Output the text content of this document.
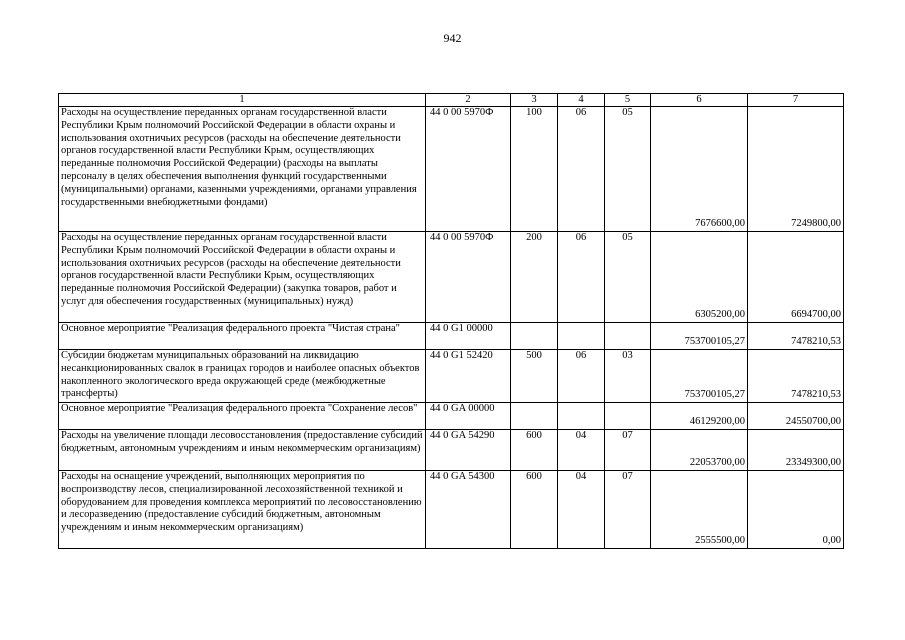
942
1	2	3	4	5	6	7
Расходы на осуществление переданных органам государственной власти Республики Крым полномочий Российской Федерации в области охраны и использования охотничьих ресурсов (расходы на обеспечение деятельности органов государственной власти Республики Крым, осуществляющих переданные полномочия Российской Федерации) (расходы на выплаты персоналу в целях обеспечения выполнения функций государственными (муниципальными) органами, казенными учреждениями, органами управления государственными внебюджетными фондами)	44 0 00 5970Ф	100	06	05	7676600,00	7249800,00
Расходы на осуществление переданных органам государственной власти Республики Крым полномочий Российской Федерации в области охраны и использования охотничьих ресурсов (расходы на обеспечение деятельности органов государственной власти Республики Крым, осуществляющих переданные полномочия Российской Федерации) (закупка товаров, работ и услуг для обеспечения государственных (муниципальных) нужд)	44 0 00 5970Ф	200	06	05	6305200,00	6694700,00
Основное мероприятие "Реализация федерального проекта "Чистая страна"	44 0 G1 00000				753700105,27	7478210,53
Субсидии бюджетам муниципальных образований на ликвидацию несанкционированных свалок в границах городов и наиболее опасных объектов накопленного экологического вреда окружающей среде (межбюджетные трансферты)	44 0 G1 52420	500	06	03	753700105,27	7478210,53
Основное мероприятие "Реализация федерального проекта "Сохранение лесов"	44 0 GA 00000				46129200,00	24550700,00
Расходы на увеличение площади лесовосстановления (предоставление субсидий бюджетным, автономным учреждениям и иным некоммерческим организациям)	44 0 GA 54290	600	04	07	22053700,00	23349300,00
Расходы на оснащение учреждений, выполняющих мероприятия по воспроизводству лесов, специализированной лесохозяйственной техникой и оборудованием для проведения комплекса мероприятий по лесовосстановлению и лесоразведению (предоставление субсидий бюджетным, автономным учреждениям и иным некоммерческим организациям)	44 0 GA 54300	600	04	07	2555500,00	0,00
